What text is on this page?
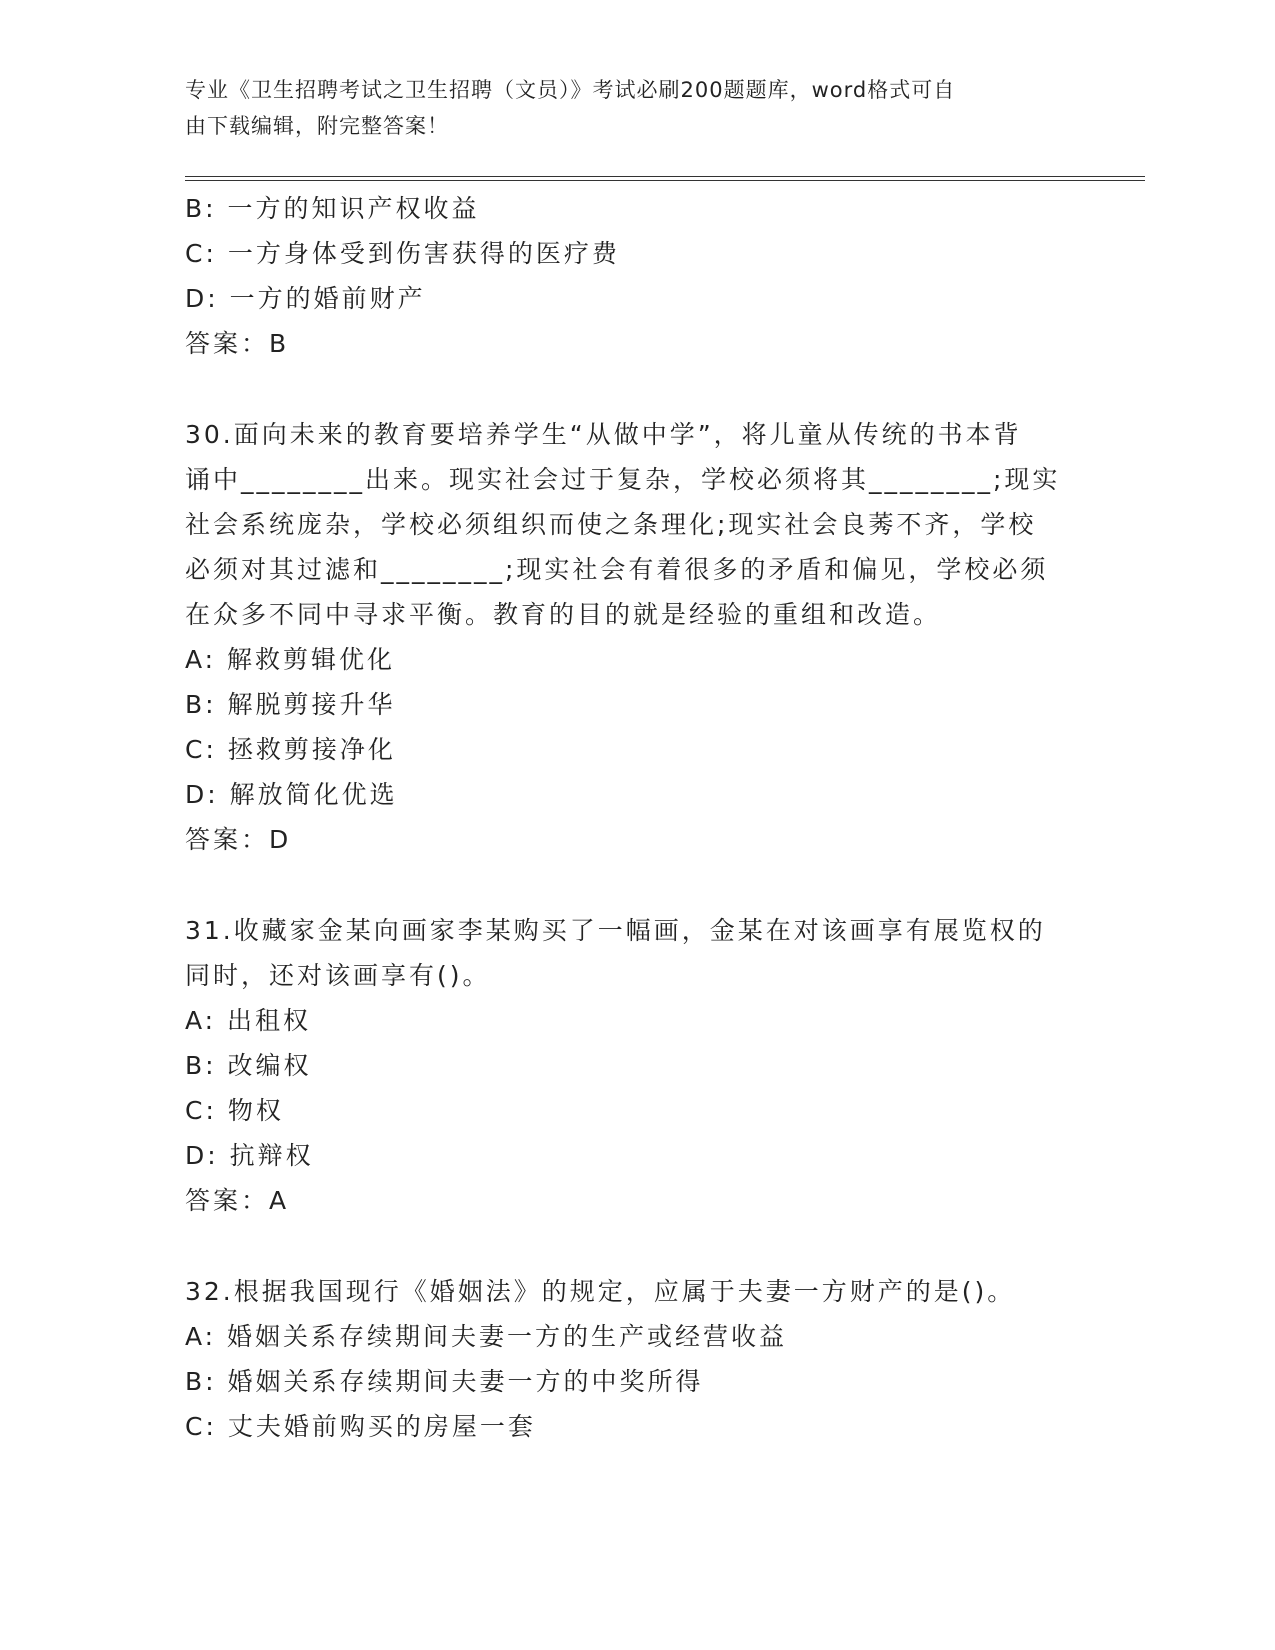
专业《卫生招聘考试之卫生招聘（文员）》考试必刷200题题库，word格式可自
由下载编辑，附完整答案！
B: 一方的知识产权收益
C: 一方身体受到伤害获得的医疗费
D: 一方的婚前财产
答案：B
30.面向未来的教育要培养学生“从做中学”，将儿童从传统的书本背
诵中________出来。现实社会过于复杂，学校必须将其________;现实
社会系统庞杂，学校必须组织而使之条理化;现实社会良莠不齐，学校
必须对其过滤和________;现实社会有着很多的矛盾和偏见，学校必须
在众多不同中寻求平衡。教育的目的就是经验的重组和改造。
A: 解救剪辑优化
B: 解脱剪接升华
C: 拯救剪接净化
D: 解放简化优选
答案：D
31.收藏家金某向画家李某购买了一幅画，金某在对该画享有展览权的
同时，还对该画享有()。
A: 出租权
B: 改编权
C: 物权
D: 抗辩权
答案：A
32.根据我国现行《婚姻法》的规定，应属于夫妻一方财产的是()。
A: 婚姻关系存续期间夫妻一方的生产或经营收益
B: 婚姻关系存续期间夫妻一方的中奖所得
C: 丈夫婚前购买的房屋一套
